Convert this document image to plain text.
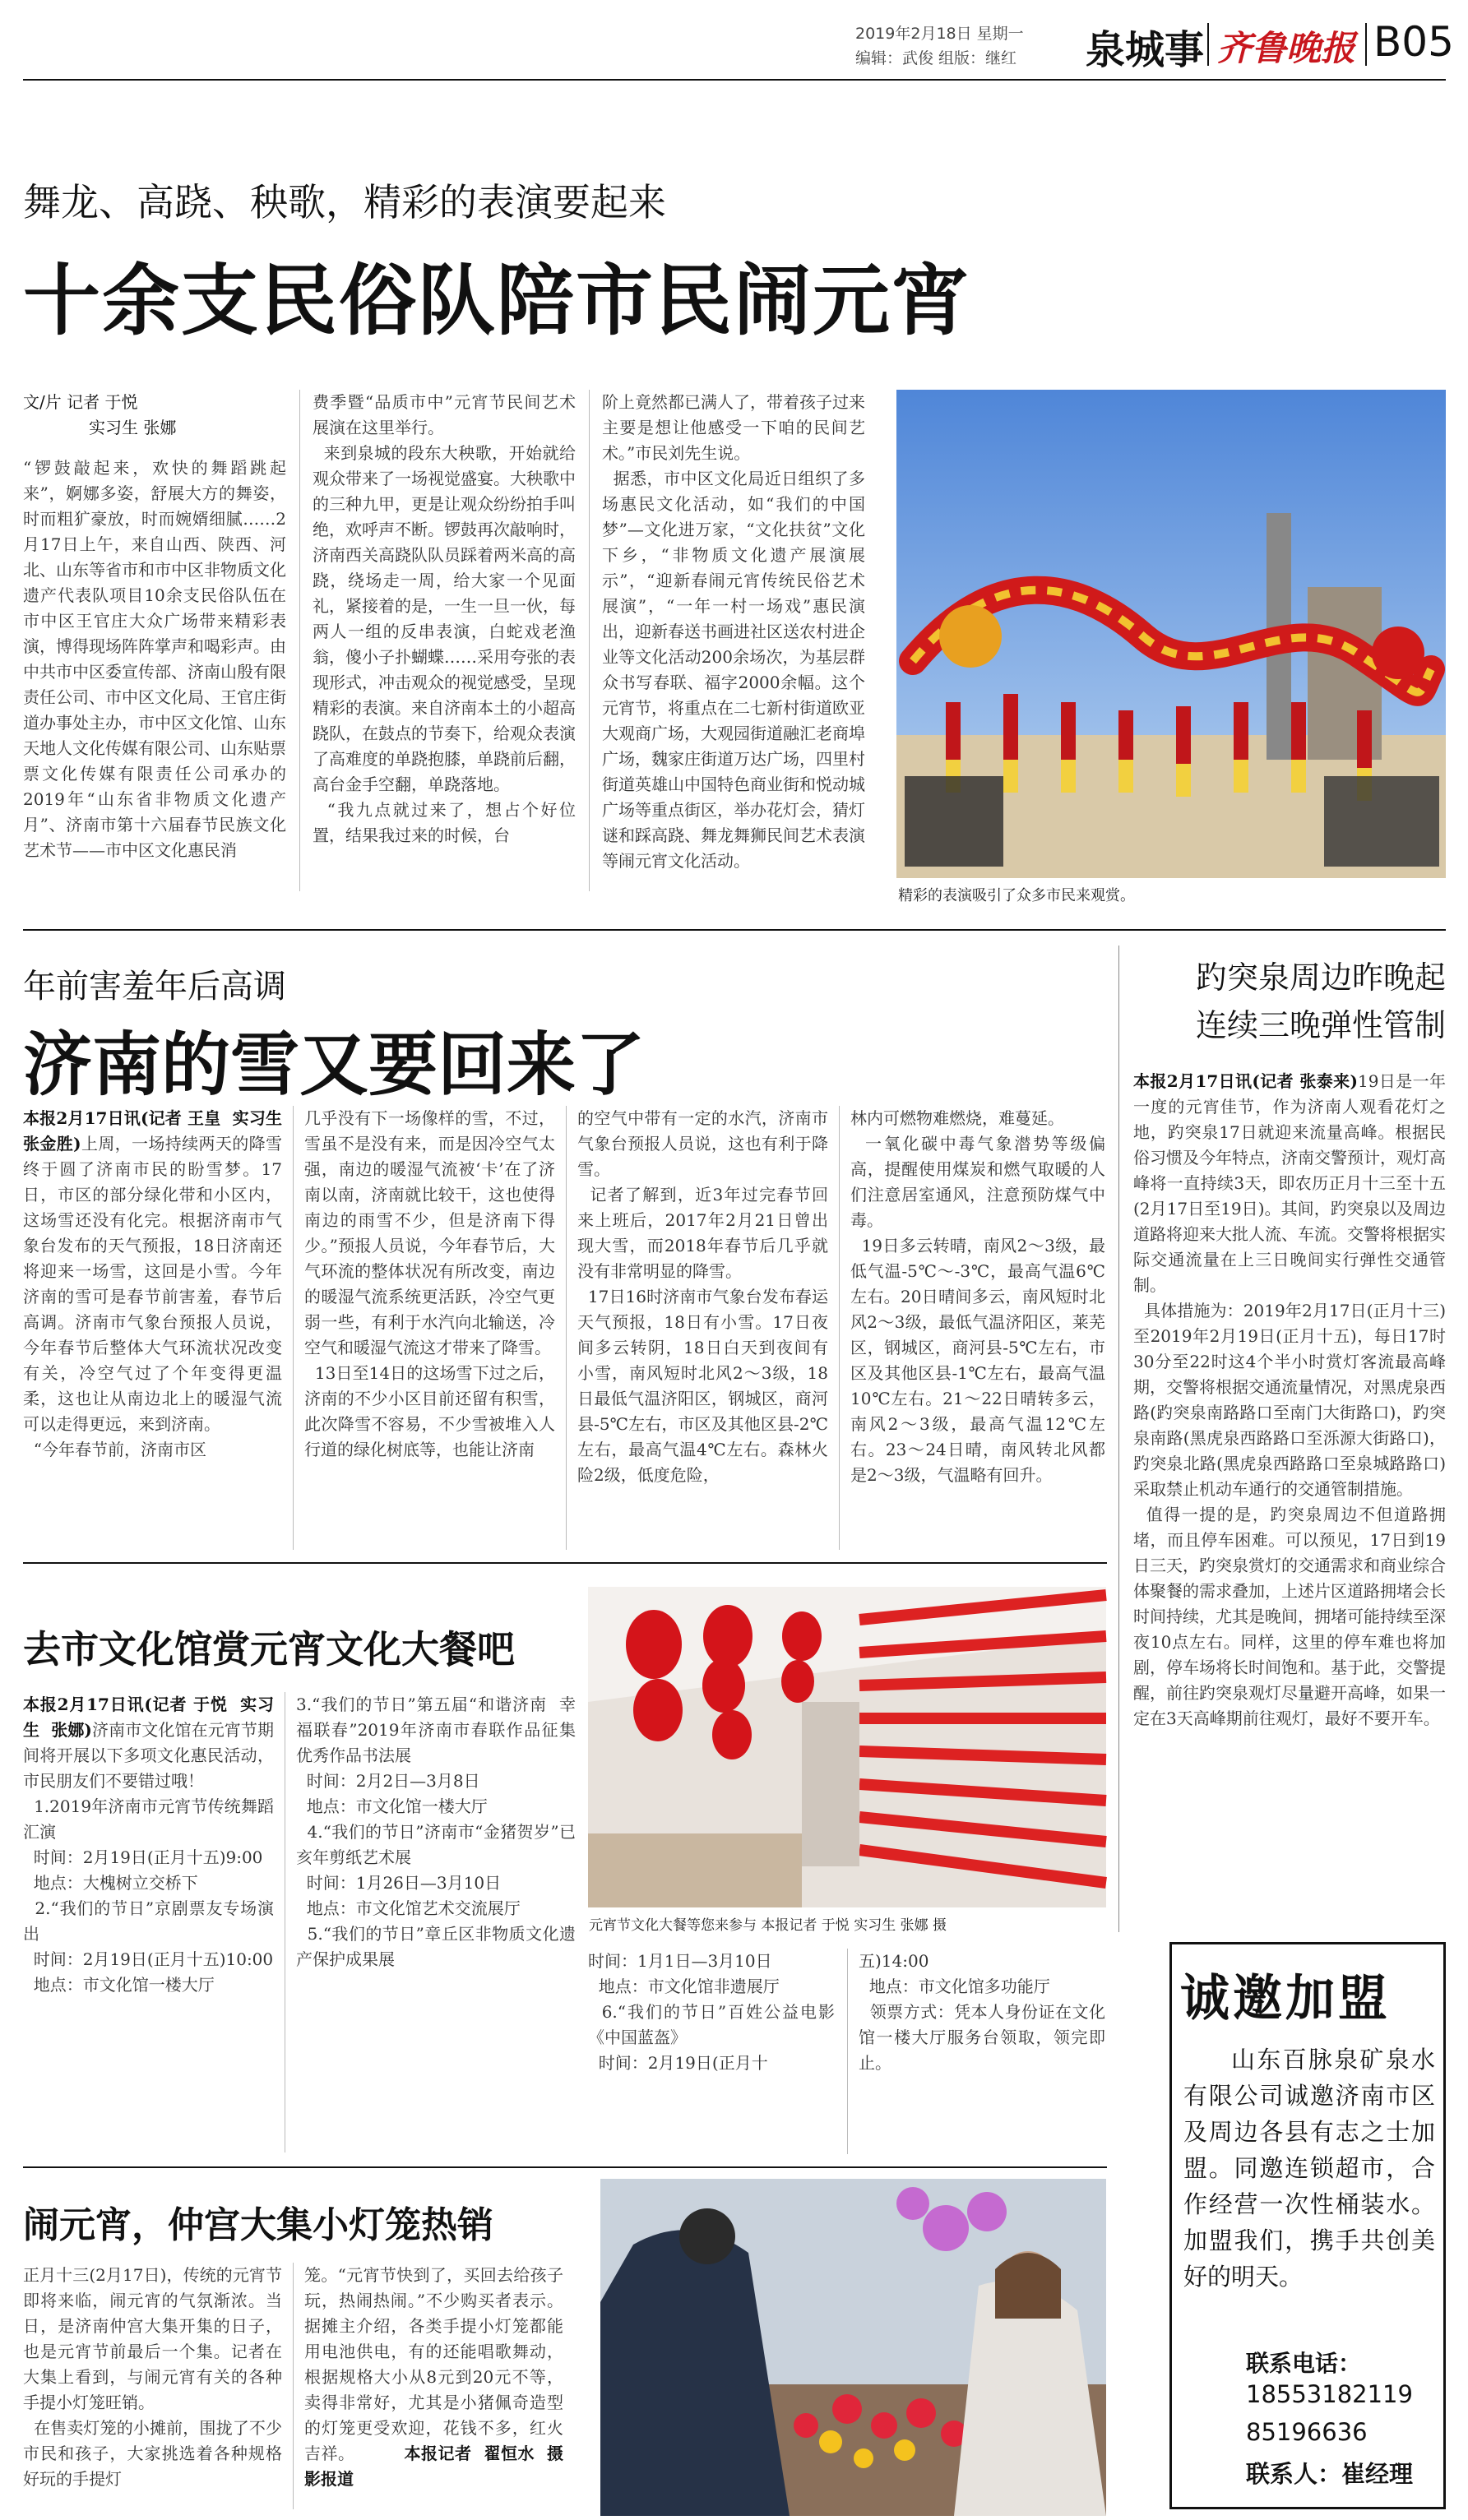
2019年2月18日 星期一
编辑：武俊 组版：继红 泉城事 齐鲁晚报 B05
舞龙、高跷、秧歌，精彩的表演要起来
十余支民俗队陪市民闹元宵
文/片 记者 于悦
实习生 张娜
“锣鼓敲起来，欢快的舞蹈跳起来”，婀娜多姿，舒展大方的舞姿，时而粗犷豪放，时而婉婿细腻……2月17日上午，来自山西、陕西、河北、山东等省市和市中区非物质文化遗产代表队项目10余支民俗队伍在市中区王官庄大众广场带来精彩表演，博得现场阵阵掌声和喝彩声。由中共市中区委宣传部、济南山殷有限责任公司、市中区文化局、王官庄街道办事处主办，市中区文化馆、山东天地人文化传媒有限公司、山东贴票票文化传媒有限责任公司承办的2019年“山东省非物质文化遗产月”、济南市第十六届春节民族文化艺术节——市中区文化惠民消
费季暨“品质市中”元宵节民间艺术展演在这里举行。
来到泉城的段东大秧歌，开始就给观众带来了一场视觉盛宴。大秧歌中的三种九甲，更是让观众纷纷拍手叫绝，欢呼声不断。锣鼓再次敲响时，济南西关高跷队队员踩着两米高的高跷，绕场走一周，给大家一个见面礼，紧接着的是，一生一旦一伙，每两人一组的反串表演，白蛇戏老渔翁，傻小子扑蝴蝶……采用夸张的表现形式，冲击观众的视觉感受，呈现精彩的表演。来自济南本土的小超高跷队，在鼓点的节奏下，给观众表演了高难度的单跷抱膝，单跷前后翻，高台金手空翻，单跷落地。
“我九点就过来了，想占个好位置，结果我过来的时候，台
阶上竟然都已满人了，带着孩子过来主要是想让他感受一下咱的民间艺术。”市民刘先生说。
据悉，市中区文化局近日组织了多场惠民文化活动，如“我们的中国梦”—文化进万家，“文化扶贫”文化下乡，“非物质文化遗产展演展示”，“迎新春闹元宵传统民俗艺术展演”，“一年一村一场戏”惠民演出，迎新春送书画进社区送农村进企业等文化活动200余场次，为基层群众书写春联、福字2000余幅。这个元宵节，将重点在二七新村街道欧亚大观商广场，大观园街道融汇老商埠广场，魏家庄街道万达广场，四里村街道英雄山中国特色商业街和悦动城广场等重点街区，举办花灯会，猜灯谜和踩高跷、舞龙舞狮民间艺术表演等闹元宵文化活动。
精彩的表演吸引了众多市民来观赏。
年前害羞年后高调
济南的雪又要回来了
本报2月17日讯(记者 王皇  实习生 张金胜)上周，一场持续两天的降雪终于圆了济南市民的盼雪梦。17日，市区的部分绿化带和小区内，这场雪还没有化完。根据济南市气象台发布的天气预报，18日济南还将迎来一场雪，这回是小雪。今年济南的雪可是春节前害羞，春节后高调。济南市气象台预报人员说，今年春节后整体大气环流状况改变有关，冷空气过了个年变得更温柔，这也让从南边北上的暖湿气流可以走得更远，来到济南。
“今年春节前，济南市区
几乎没有下一场像样的雪，不过，雪虽不是没有来，而是因冷空气太强，南边的暖湿气流被‘卡’在了济南以南，济南就比较干，这也使得南边的雨雪不少，但是济南下得少。”预报人员说，今年春节后，大气环流的整体状况有所改变，南边的暖湿气流系统更活跃，冷空气更弱一些，有利于水汽向北输送，冷空气和暖湿气流这才带来了降雪。
13日至14日的这场雪下过之后，济南的不少小区目前还留有积雪，此次降雪不容易，不少雪被堆入人行道的绿化树底等，也能让济南
的空气中带有一定的水汽，济南市气象台预报人员说，这也有利于降雪。
记者了解到，近3年过完春节回来上班后，2017年2月21日曾出现大雪，而2018年春节后几乎就没有非常明显的降雪。
17日16时济南市气象台发布春运天气预报，18日有小雪。17日夜间多云转阴，18日白天到夜间有小雪，南风短时北风2～3级，18日最低气温济阳区，钢城区，商河县-5℃左右，市区及其他区县-2℃左右，最高气温4℃左右。森林火险2级，低度危险，
林内可燃物难燃烧，难蔓延。
一氧化碳中毒气象潜势等级偏高，提醒使用煤炭和燃气取暖的人们注意居室通风，注意预防煤气中毒。
19日多云转晴，南风2～3级，最低气温-5℃～-3℃，最高气温6℃左右。20日晴间多云，南风短时北风2～3级，最低气温济阳区，莱芜区，钢城区，商河县-5℃左右，市区及其他区县-1℃左右，最高气温10℃左右。21～22日晴转多云，南风2～3级，最高气温12℃左右。23～24日晴，南风转北风都是2～3级，气温略有回升。
趵突泉周边昨晚起
连续三晚弹性管制
本报2月17日讯(记者 张泰来)19日是一年一度的元宵佳节，作为济南人观看花灯之地，趵突泉17日就迎来流量高峰。根据民俗习惯及今年特点，济南交警预计，观灯高峰将一直持续3天，即农历正月十三至十五(2月17日至19日)。其间，趵突泉以及周边道路将迎来大批人流、车流。交警将根据实际交通流量在上三日晚间实行弹性交通管制。
具体措施为：2019年2月17日(正月十三)至2019年2月19日(正月十五)，每日17时30分至22时这4个半小时赏灯客流最高峰期，交警将根据交通流量情况，对黑虎泉西路(趵突泉南路路口至南门大街路口)，趵突泉南路(黑虎泉西路路口至泺源大街路口)，趵突泉北路(黑虎泉西路路口至泉城路路口)采取禁止机动车通行的交通管制措施。
值得一提的是，趵突泉周边不但道路拥堵，而且停车困难。可以预见，17日到19日三天，趵突泉赏灯的交通需求和商业综合体聚餐的需求叠加，上述片区道路拥堵会长时间持续，尤其是晚间，拥堵可能持续至深夜10点左右。同样，这里的停车难也将加剧，停车场将长时间饱和。基于此，交警提醒，前往趵突泉观灯尽量避开高峰，如果一定在3天高峰期前往观灯，最好不要开车。
去市文化馆赏元宵文化大餐吧
元宵节文化大餐等您来参与 本报记者 于悦 实习生 张娜 摄
本报2月17日讯(记者 于悦  实习生  张娜)济南市文化馆在元宵节期间将开展以下多项文化惠民活动，市民朋友们不要错过哦！
1.2019年济南市元宵节传统舞蹈汇演
时间：2月19日(正月十五)9:00
地点：大槐树立交桥下
2.“我们的节日”京剧票友专场演出
时间：2月19日(正月十五)10:00
地点：市文化馆一楼大厅
3.“我们的节日”第五届“和谐济南  幸福联春”2019年济南市春联作品征集优秀作品书法展
时间：2月2日—3月8日
地点：市文化馆一楼大厅
4.“我们的节日”济南市“金猪贺岁”已亥年剪纸艺术展
时间：1月26日—3月10日
地点：市文化馆艺术交流展厅
5.“我们的节日”章丘区非物质文化遗产保护成果展	时间：1月1日—3月10日
地点：市文化馆非遗展厅
6.“我们的节日”百姓公益电影《中国蓝盔》
时间：2月19日(正月十
五)14:00
地点：市文化馆多功能厅
领票方式：凭本人身份证在文化馆一楼大厅服务台领取，领完即止。
闹元宵，仲宫大集小灯笼热销
正月十三(2月17日)，传统的元宵节即将来临，闹元宵的气氛渐浓。当日，是济南仲宫大集开集的日子，也是元宵节前最后一个集。记者在大集上看到，与闹元宵有关的各种手提小灯笼旺销。
在售卖灯笼的小摊前，围拢了不少市民和孩子，大家挑选着各种规格好玩的手提灯
笼。“元宵节快到了，买回去给孩子玩，热闹热闹。”不少购买者表示。据摊主介绍，各类手提小灯笼都能用电池供电，有的还能唱歌舞动，根据规格大小从8元到20元不等，卖得非常好，尤其是小猪佩奇造型的灯笼更受欢迎，花钱不多，红火吉祥。	本报记者  翟恒水  摄影报道
诚邀加盟
山东百脉泉矿泉水有限公司诚邀济南市区及周边各县有志之士加盟。同邀连锁超市，合作经营一次性桶装水。加盟我们，携手共创美好的明天。
联系电话：
18553182119
85196636
联系人：崔经理
